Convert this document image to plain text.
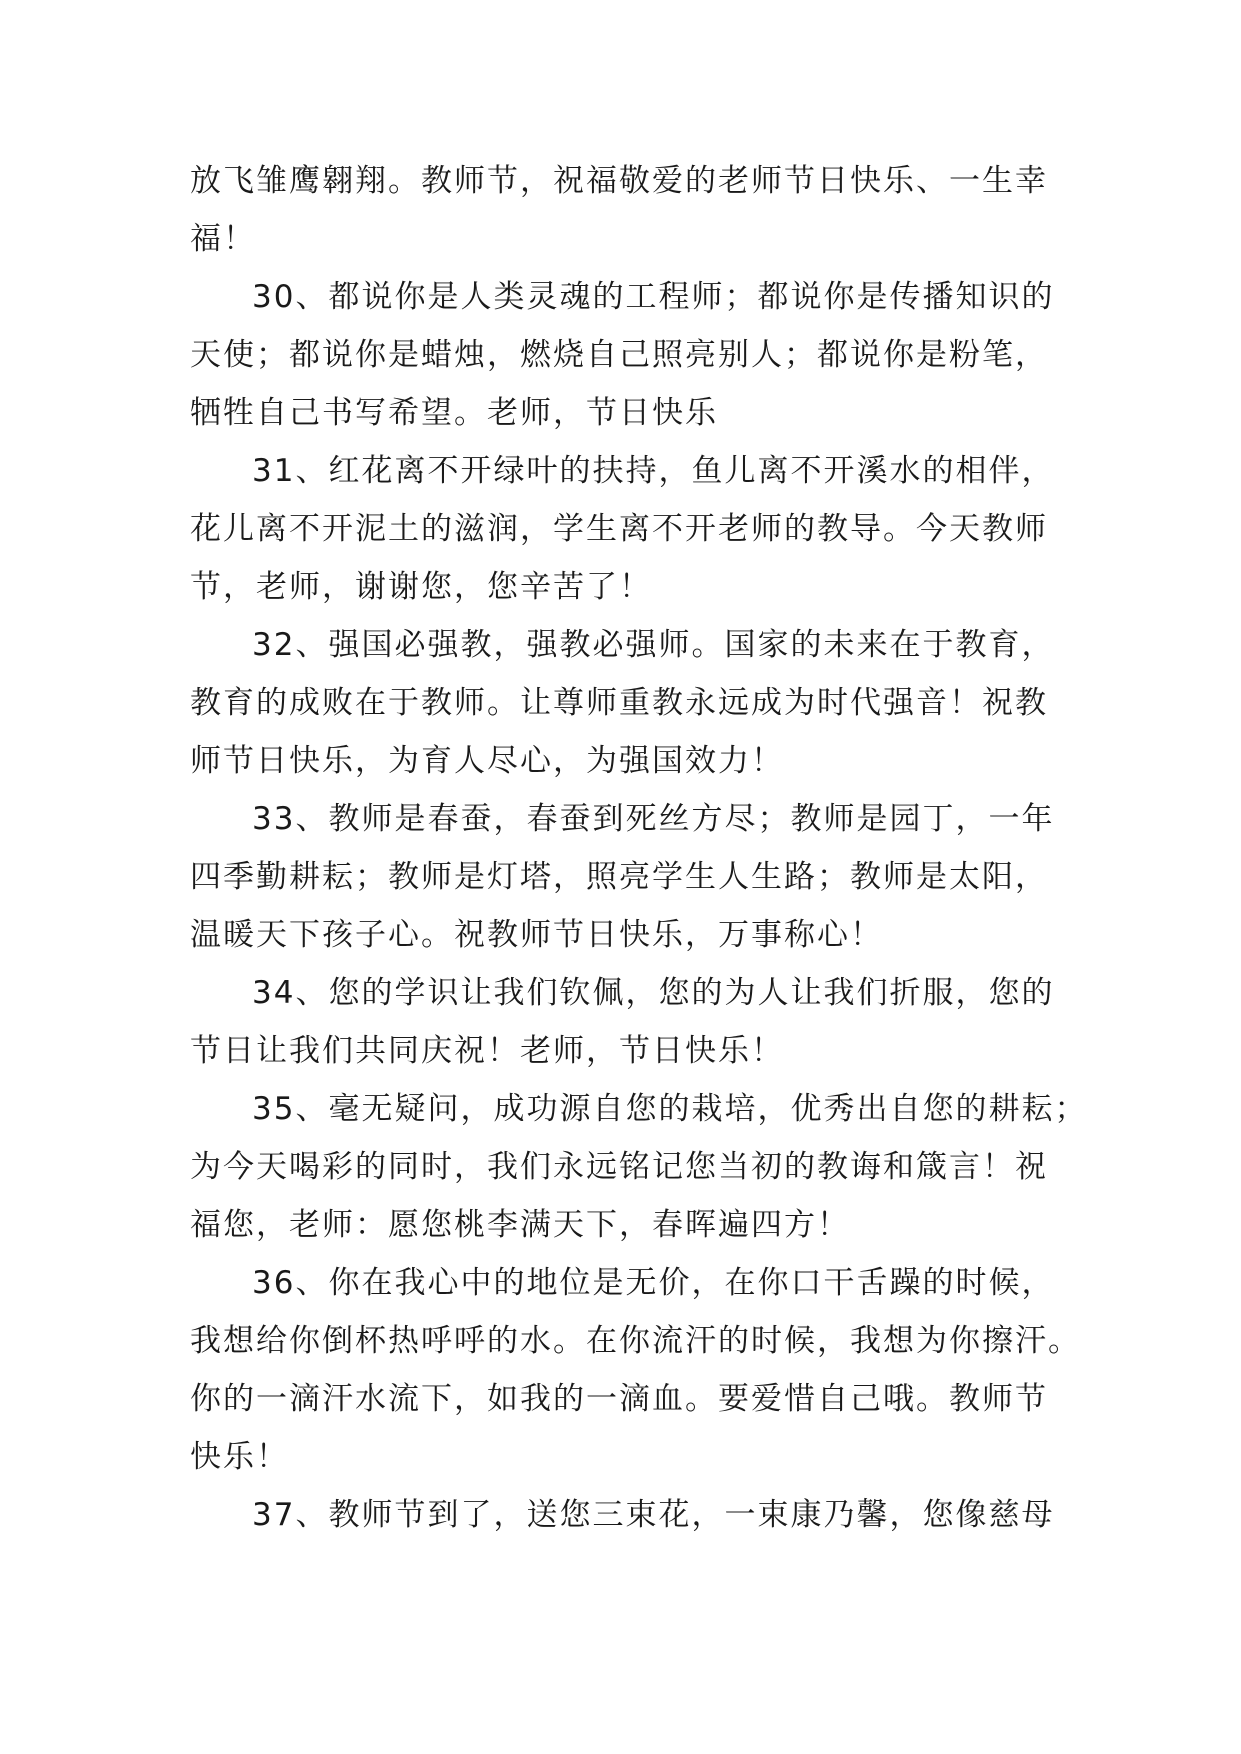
放飞雏鹰翱翔。教师节，祝福敬爱的老师节日快乐、一生幸
福！
30、都说你是人类灵魂的工程师；都说你是传播知识的
天使；都说你是蜡烛，燃烧自己照亮别人；都说你是粉笔，
牺牲自己书写希望。老师，节日快乐
31、红花离不开绿叶的扶持，鱼儿离不开溪水的相伴，
花儿离不开泥土的滋润，学生离不开老师的教导。今天教师
节，老师，谢谢您，您辛苦了！
32、强国必强教，强教必强师。国家的未来在于教育，
教育的成败在于教师。让尊师重教永远成为时代强音！祝教
师节日快乐，为育人尽心，为强国效力！
33、教师是春蚕，春蚕到死丝方尽；教师是园丁，一年
四季勤耕耘；教师是灯塔，照亮学生人生路；教师是太阳，
温暖天下孩子心。祝教师节日快乐，万事称心！
34、您的学识让我们钦佩，您的为人让我们折服，您的
节日让我们共同庆祝！老师，节日快乐！
35、毫无疑问，成功源自您的栽培，优秀出自您的耕耘；
为今天喝彩的同时，我们永远铭记您当初的教诲和箴言！祝
福您，老师：愿您桃李满天下，春晖遍四方！
36、你在我心中的地位是无价，在你口干舌躁的时候，
我想给你倒杯热呼呼的水。在你流汗的时候，我想为你擦汗。
你的一滴汗水流下，如我的一滴血。要爱惜自己哦。教师节
快乐！
37、教师节到了，送您三束花，一束康乃馨，您像慈母
